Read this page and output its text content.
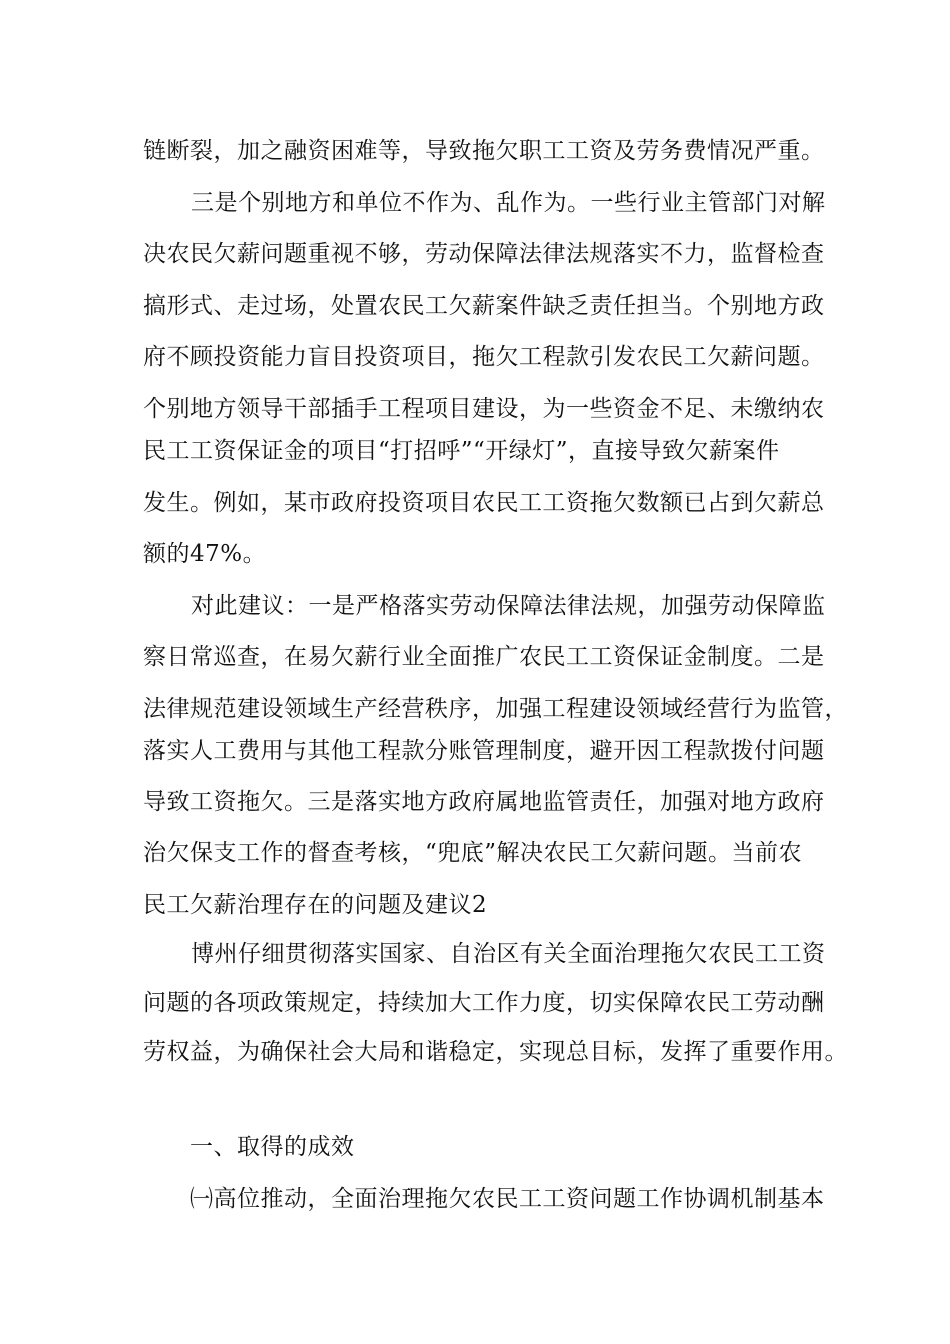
链断裂，加之融资困难等，导致拖欠职工工资及劳务费情况严重。
三是个别地方和单位不作为、乱作为。一些行业主管部门对解
决农民欠薪问题重视不够，劳动保障法律法规落实不力，监督检查
搞形式、走过场，处置农民工欠薪案件缺乏责任担当。个别地方政
府不顾投资能力盲目投资项目，拖欠工程款引发农民工欠薪问题。
个别地方领导干部插手工程项目建设，为一些资金不足、未缴纳农
民工工资保证金的项目“打招呼”“开绿灯”，直接导致欠薪案件
发生。例如，某市政府投资项目农民工工资拖欠数额已占到欠薪总
额的47%。
对此建议：一是严格落实劳动保障法律法规，加强劳动保障监
察日常巡查，在易欠薪行业全面推广农民工工资保证金制度。二是
法律规范建设领域生产经营秩序，加强工程建设领域经营行为监管，
落实人工费用与其他工程款分账管理制度，避开因工程款拨付问题
导致工资拖欠。三是落实地方政府属地监管责任，加强对地方政府
治欠保支工作的督查考核，“兜底”解决农民工欠薪问题。当前农
民工欠薪治理存在的问题及建议2
博州仔细贯彻落实国家、自治区有关全面治理拖欠农民工工资
问题的各项政策规定，持续加大工作力度，切实保障农民工劳动酬
劳权益，为确保社会大局和谐稳定，实现总目标，发挥了重要作用。
一、取得的成效
㈠高位推动，全面治理拖欠农民工工资问题工作协调机制基本
